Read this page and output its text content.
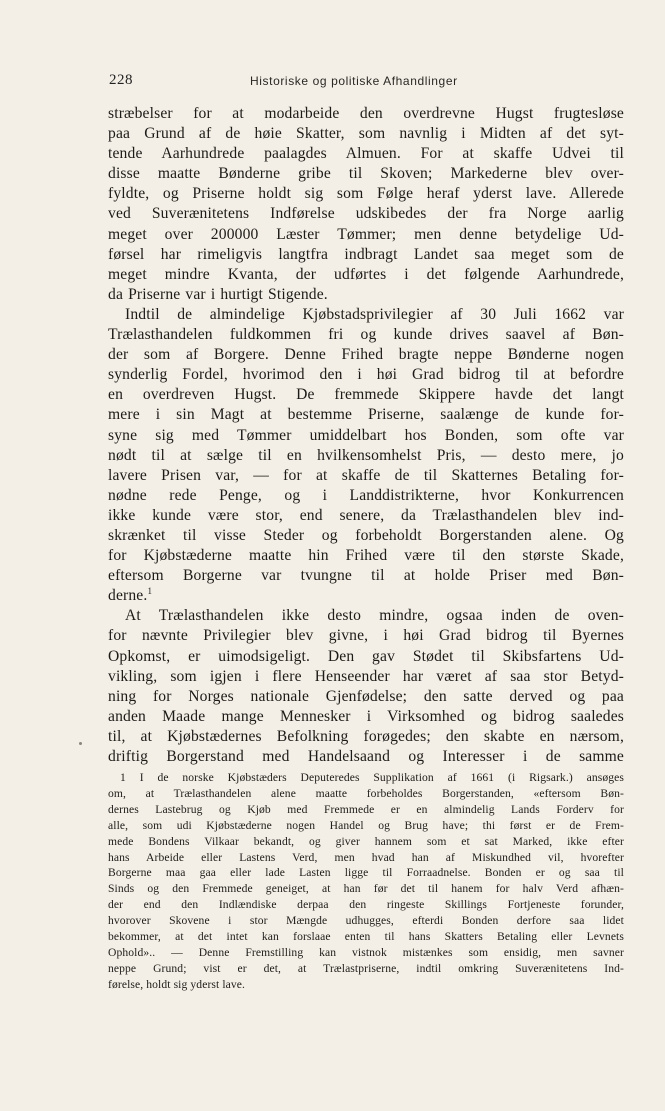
228	Historiske og politiske Afhandlinger
stræbelser for at modarbeide den overdrevne Hugst frugtesløse
paa Grund af de høie Skatter, som navnlig i Midten af det syt-
tende Aarhundrede paalagdes Almuen. For at skaffe Udvei til
disse maatte Bønderne gribe til Skoven; Markederne blev over-
fyldte, og Priserne holdt sig som Følge heraf yderst lave. Allerede
ved Suverænitetens Indførelse udskibedes der fra Norge aarlig
meget over 200000 Læster Tømmer; men denne betydelige Ud-
førsel har rimeligvis langtfra indbragt Landet saa meget som de
meget mindre Kvanta, der udførtes i det følgende Aarhundrede,
da Priserne var i hurtigt Stigende.
Indtil de almindelige Kjøbstadsprivilegier af 30 Juli 1662 var
Trælasthandelen fuldkommen fri og kunde drives saavel af Bøn-
der som af Borgere. Denne Frihed bragte neppe Bønderne nogen
synderlig Fordel, hvorimod den i høi Grad bidrog til at befordre
en overdreven Hugst. De fremmede Skippere havde det langt
mere i sin Magt at bestemme Priserne, saalænge de kunde for-
syne sig med Tømmer umiddelbart hos Bonden, som ofte var
nødt til at sælge til en hvilkensomhelst Pris, — desto mere, jo
lavere Prisen var, — for at skaffe de til Skatternes Betaling for-
nødne rede Penge, og i Landdistrikterne, hvor Konkurrencen
ikke kunde være stor, end senere, da Trælasthandelen blev ind-
skrænket til visse Steder og forbeholdt Borgerstanden alene. Og
for Kjøbstæderne maatte hin Frihed være til den største Skade,
eftersom Borgerne var tvungne til at holde Priser med Bøn-
derne.$^1$
At Trælasthandelen ikke desto mindre, ogsaa inden de oven-
for nævnte Privilegier blev givne, i høi Grad bidrog til Byernes
Opkomst, er uimodsigeligt. Den gav Stødet til Skibsfartens Ud-
vikling, som igjen i flere Henseender har været af saa stor Betyd-
ning for Norges nationale Gjenfødelse; den satte derved og paa
anden Maade mange Mennesker i Virksomhed og bidrog saaledes
til, at Kjøbstædernes Befolkning forøgedes; den skabte en nærsom,
driftig Borgerstand med Handelsaand og Interesser i de samme
1 I de norske Kjøbstæders Deputeredes Supplikation af 1661 (i Rigsark.) ansøges
om, at Trælasthandelen alene maatte forbeholdes Borgerstanden, «eftersom Bøn-
dernes Lastebrug og Kjøb med Fremmede er en almindelig Lands Forderv for
alle, som udi Kjøbstæderne nogen Handel og Brug have; thi først er de Frem-
mede Bondens Vilkaar bekandt, og giver hannem som et sat Marked, ikke efter
hans Arbeide eller Lastens Verd, men hvad han af Miskundhed vil, hvorefter
Borgerne maa gaa eller lade Lasten ligge til Forraadnelse. Bonden er og saa til
Sinds og den Fremmede geneiget, at han før det til hanem for halv Verd afhæn-
der end den Indlændiske derpaa den ringeste Skillings Fortjeneste forunder,
hvorover Skovene i stor Mængde udhugges, efterdi Bonden derfore saa lidet
bekommer, at det intet kan forslaae enten til hans Skatters Betaling eller Levnets
Ophold».. — Denne Fremstilling kan vistnok mistænkes som ensidig, men savner
neppe Grund; vist er det, at Trælastpriserne, indtil omkring Suverænitetens Ind-
førelse, holdt sig yderst lave.
